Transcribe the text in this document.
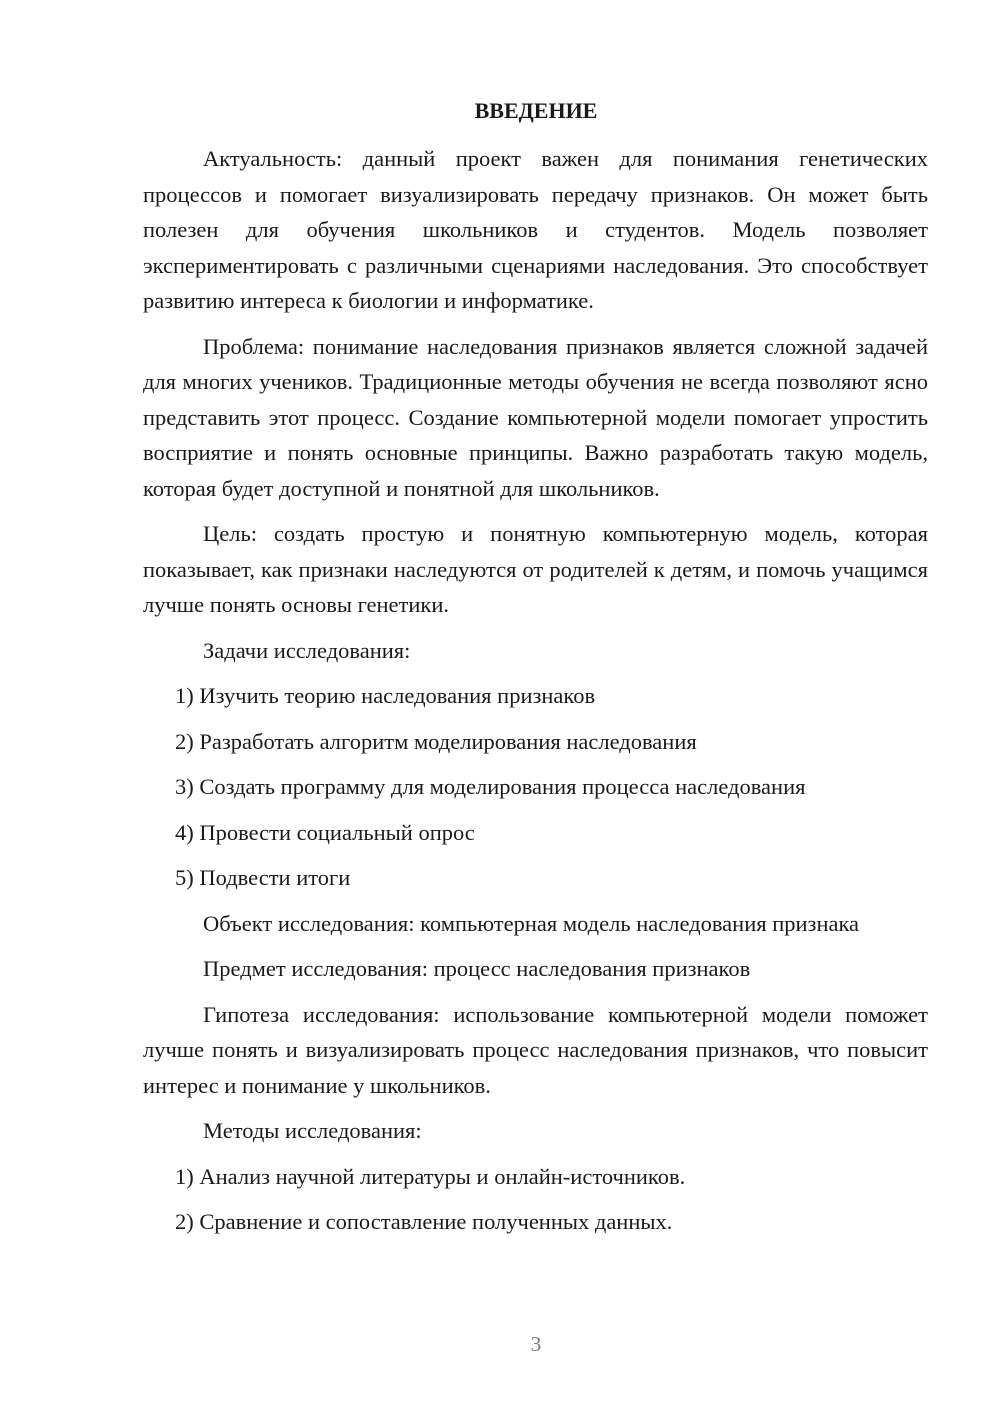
ВВЕДЕНИЕ

Актуальность: данный проект важен для понимания генетических процессов и помогает визуализировать передачу признаков. Он может быть полезен для обучения школьников и студентов. Модель позволяет экспериментировать с различными сценариями наследования. Это способствует развитию интереса к биологии и информатике.

Проблема: понимание наследования признаков является сложной задачей для многих учеников. Традиционные методы обучения не всегда позволяют ясно представить этот процесс. Создание компьютерной модели помогает упростить восприятие и понять основные принципы. Важно разработать такую модель, которая будет доступной и понятной для школьников.

Цель: создать простую и понятную компьютерную модель, которая показывает, как признаки наследуются от родителей к детям, и помочь учащимся лучше понять основы генетики.

Задачи исследования:

1) Изучить теорию наследования признаков

2) Разработать алгоритм моделирования наследования

3) Создать программу для моделирования процесса наследования

4) Провести социальный опрос

5) Подвести итоги

Объект исследования: компьютерная модель наследования признака

Предмет исследования: процесс наследования признаков

Гипотеза исследования: использование компьютерной модели поможет лучше понять и визуализировать процесс наследования признаков, что повысит интерес и понимание у школьников.

Методы исследования:

1) Анализ научной литературы и онлайн-источников.

2) Сравнение и сопоставление полученных данных.

3
